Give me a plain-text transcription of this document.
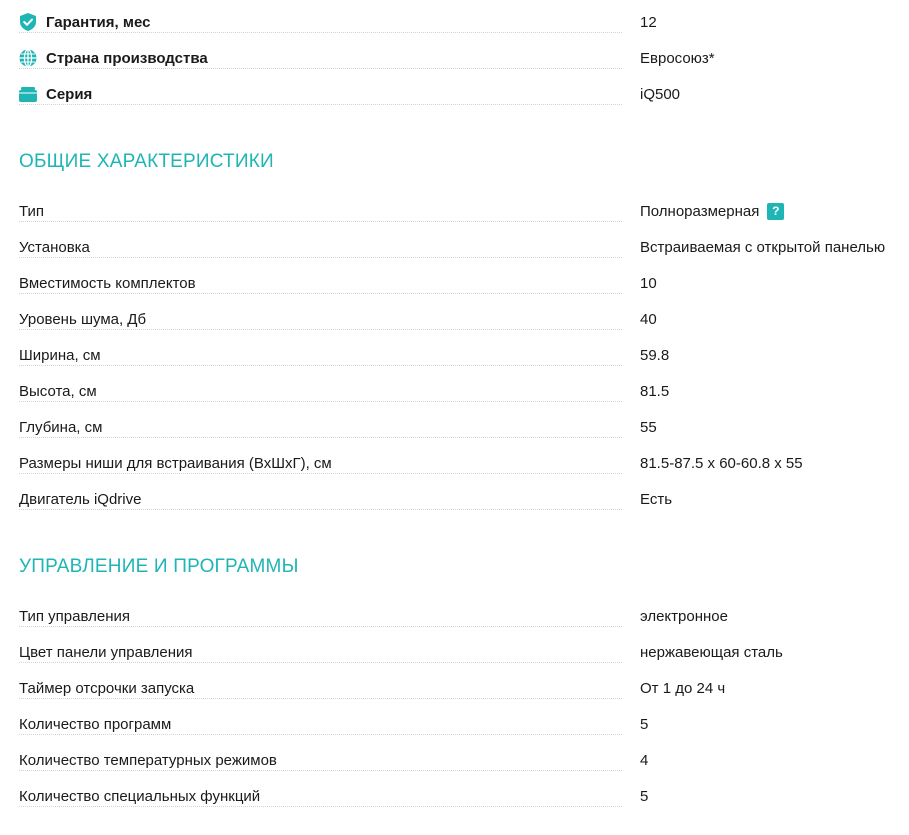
Гарантия, мес	12
Страна производства	Евросоюз*
Серия	iQ500
ОБЩИЕ ХАРАКТЕРИСТИКИ
Тип	Полноразмерная	?
Установка	Встраиваемая с открытой панелью
Вместимость комплектов	10
Уровень шума, Дб	40
Ширина, см	59.8
Высота, см	81.5
Глубина, см	55
Размеры ниши для встраивания (ВхШхГ), см	81.5-87.5 х 60-60.8 х 55
Двигатель iQdrive	Есть
УПРАВЛЕНИЕ И ПРОГРАММЫ
Тип управления	электронное
Цвет панели управления	нержавеющая сталь
Таймер отсрочки запуска	От 1 до 24 ч
Количество программ	5
Количество температурных режимов	4
Количество специальных функций	5
